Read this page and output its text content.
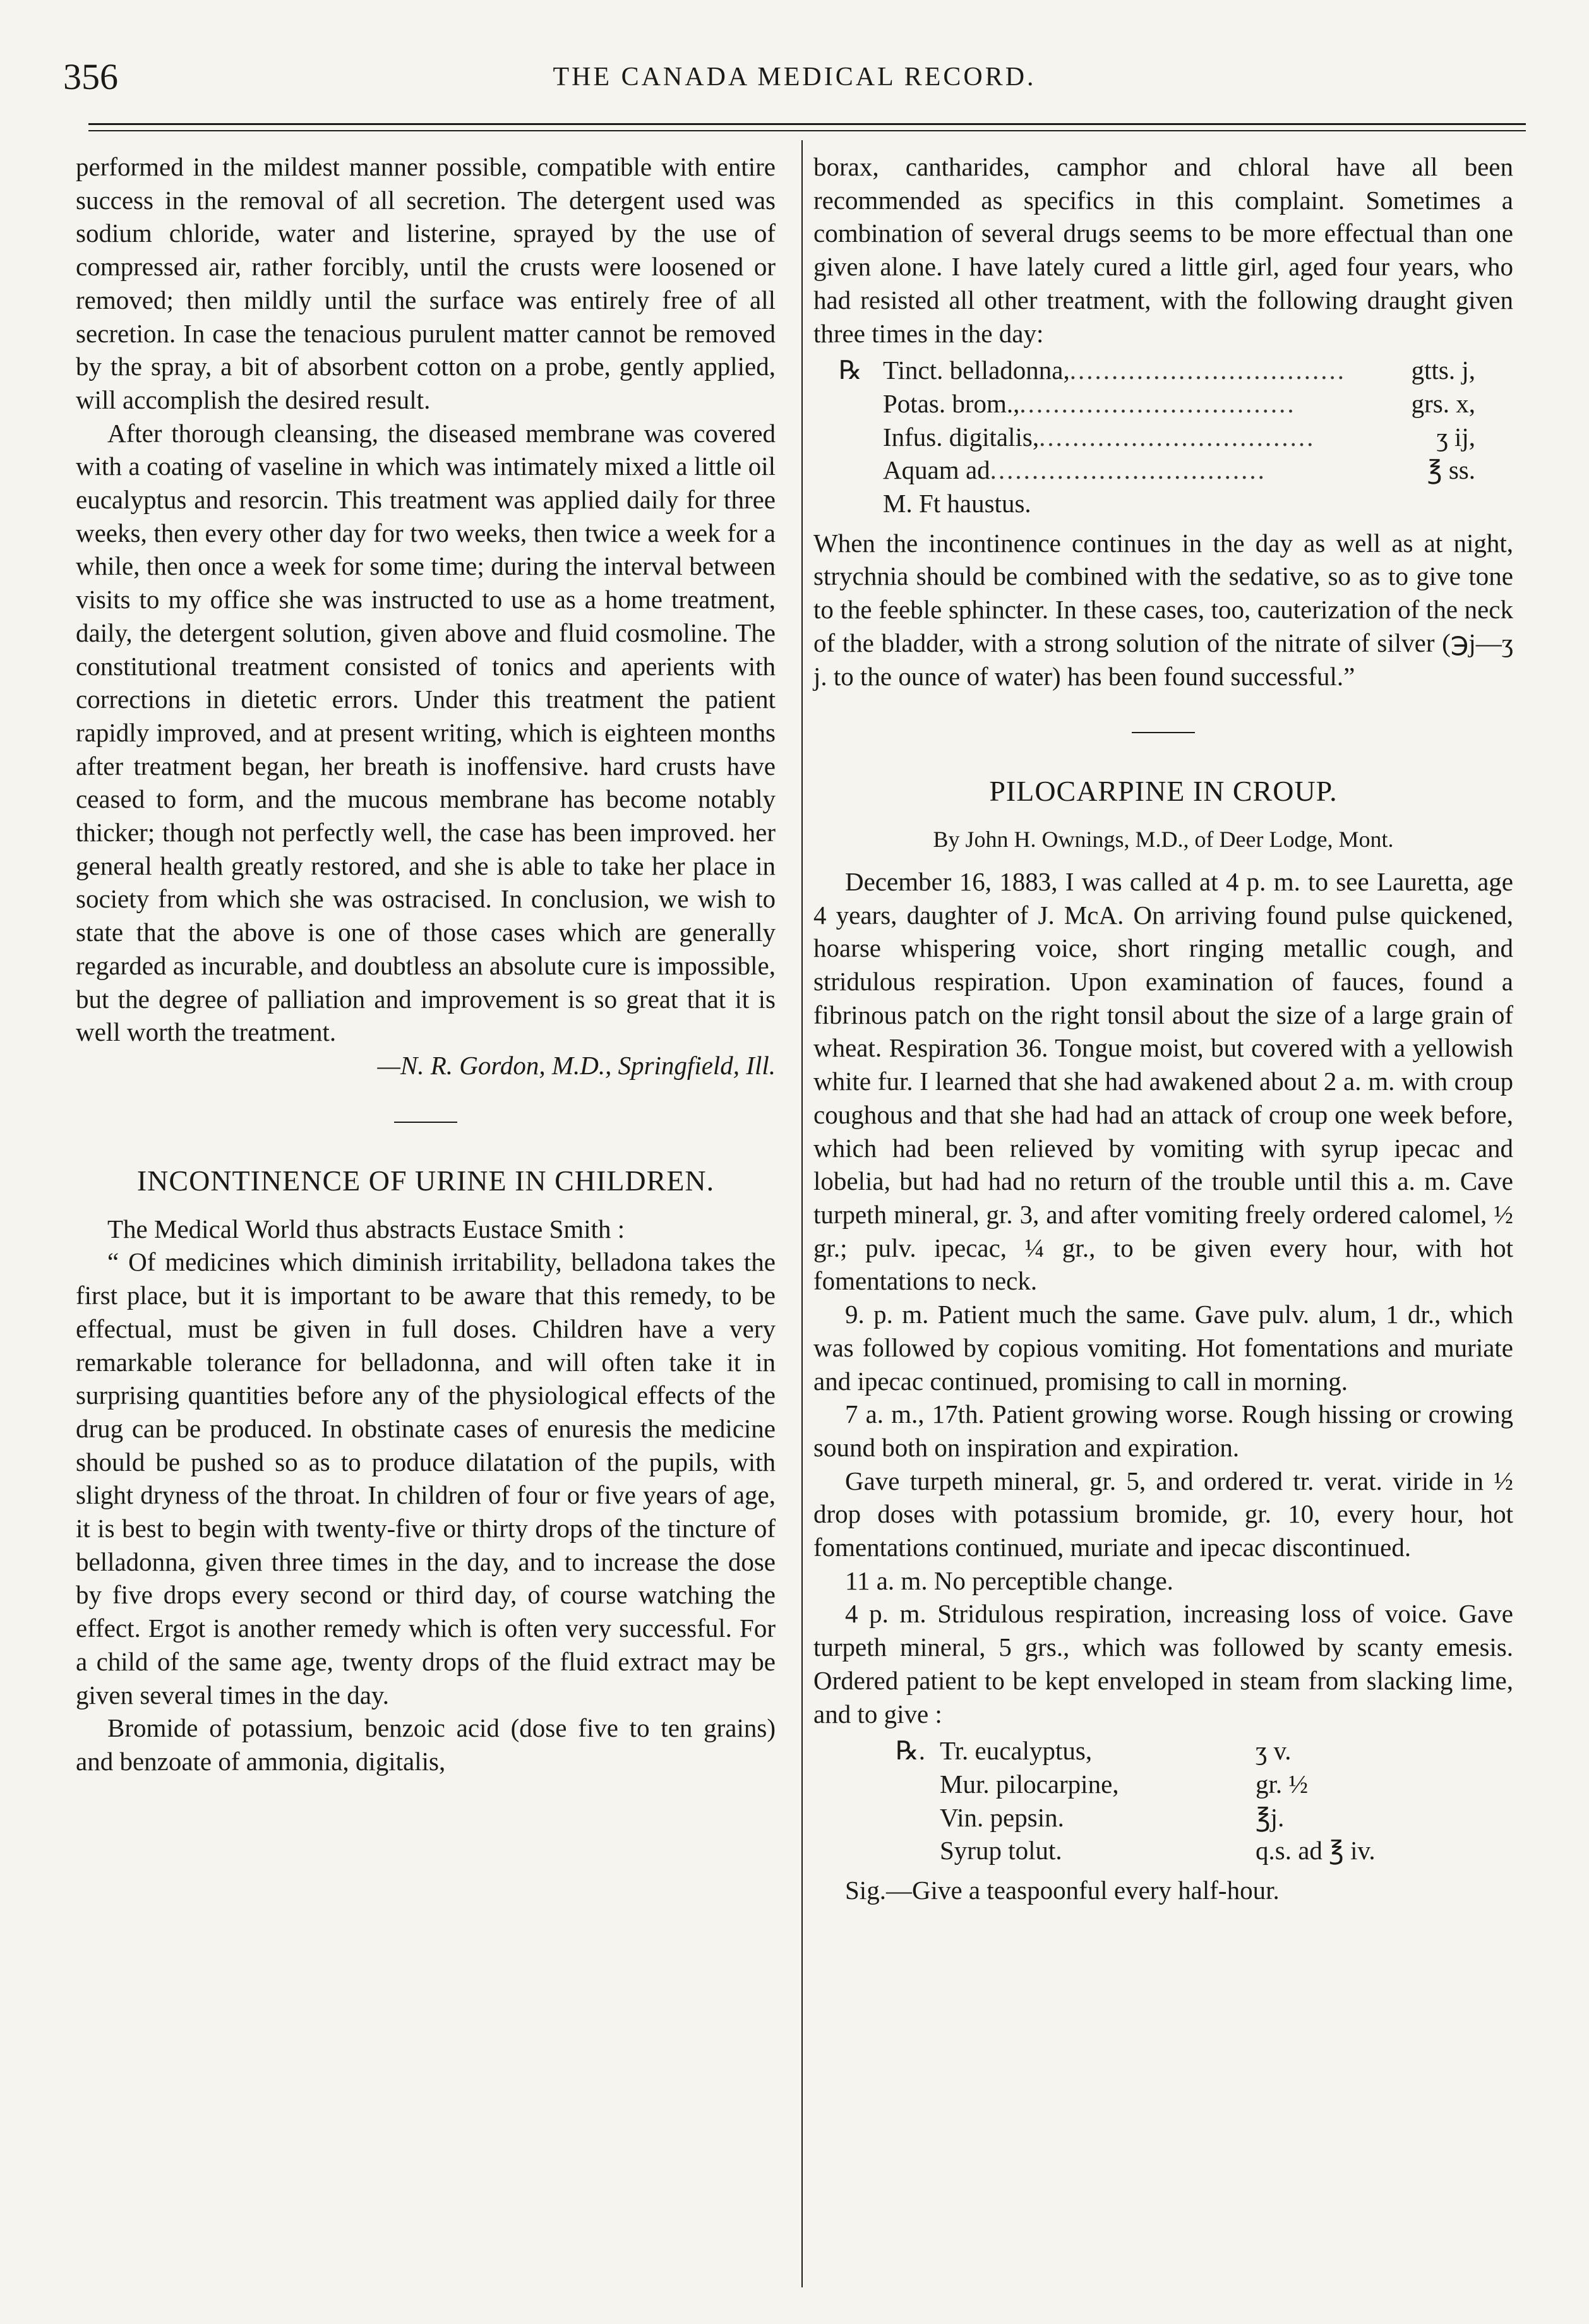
356	THE CANADA MEDICAL RECORD.

performed in the mildest manner possible, compatible with entire success in the removal of all secretion. The detergent used was sodium chloride, water and listerine, sprayed by the use of compressed air, rather forcibly, until the crusts were loosened or removed; then mildly until the surface was entirely free of all secretion. In case the tenacious purulent matter cannot be removed by the spray, a bit of absorbent cotton on a probe, gently applied, will accomplish the desired result.

After thorough cleansing, the diseased membrane was covered with a coating of vaseline in which was intimately mixed a little oil eucalyptus and resorcin. This treatment was applied daily for three weeks, then every other day for two weeks, then twice a week for a while, then once a week for some time; during the interval between visits to my office she was instructed to use as a home treatment, daily, the detergent solution, given above and fluid cosmoline. The constitutional treatment consisted of tonics and aperients with corrections in dietetic errors. Under this treatment the patient rapidly improved, and at present writing, which is eighteen months after treatment began, her breath is inoffensive. hard crusts have ceased to form, and the mucous membrane has become notably thicker; though not perfectly well, the case has been improved. her general health greatly restored, and she is able to take her place in society from which she was ostracised. In conclusion, we wish to state that the above is one of those cases which are generally regarded as incurable, and doubtless an absolute cure is impossible, but the degree of palliation and improvement is so great that it is well worth the treatment.

—N. R. Gordon, M.D., Springfield, Ill.

INCONTINENCE OF URINE IN CHILDREN.

The Medical World thus abstracts Eustace Smith :

“ Of medicines which diminish irritability, belladona takes the first place, but it is important to be aware that this remedy, to be effectual, must be given in full doses. Children have a very remarkable tolerance for belladonna, and will often take it in surprising quantities before any of the physiological effects of the drug can be produced. In obstinate cases of enuresis the medicine should be pushed so as to produce dilatation of the pupils, with slight dryness of the throat. In children of four or five years of age, it is best to begin with twenty-five or thirty drops of the tincture of belladonna, given three times in the day, and to increase the dose by five drops every second or third day, of course watching the effect. Ergot is another remedy which is often very successful. For a child of the same age, twenty drops of the fluid extract may be given several times in the day.

Bromide of potassium, benzoic acid (dose five to ten grains) and benzoate of ammonia, digitalis,

borax, cantharides, camphor and chloral have all been recommended as specifics in this complaint. Sometimes a combination of several drugs seems to be more effectual than one given alone. I have lately cured a little girl, aged four years, who had resisted all other treatment, with the following draught given three times in the day:

℞ Tinct. belladonna, .................................	gtts. j,
Potas. brom., .................................	grs. x,
Infus. digitalis, .................................	ʒ ij,
Aquam ad .................................	℥ ss.
M. Ft haustus.

When the incontinence continues in the day as well as at night, strychnia should be combined with the sedative, so as to give tone to the feeble sphincter. In these cases, too, cauterization of the neck of the bladder, with a strong solution of the nitrate of silver (℈j—ʒ j. to the ounce of water) has been found successful.”

PILOCARPINE IN CROUP.
By John H. Ownings, M.D., of Deer Lodge, Mont.

December 16, 1883, I was called at 4 p. m. to see Lauretta, age 4 years, daughter of J. McA. On arriving found pulse quickened, hoarse whispering voice, short ringing metallic cough, and stridulous respiration. Upon examination of fauces, found a fibrinous patch on the right tonsil about the size of a large grain of wheat. Respiration 36. Tongue moist, but covered with a yellowish white fur. I learned that she had awakened about 2 a. m. with croup coughous and that she had had an attack of croup one week before, which had been relieved by vomiting with syrup ipecac and lobelia, but had had no return of the trouble until this a. m. Cave turpeth mineral, gr. 3, and after vomiting freely ordered calomel, ½ gr.; pulv. ipecac, ¼ gr., to be given every hour, with hot fomentations to neck.

9. p. m. Patient much the same. Gave pulv. alum, 1 dr., which was followed by copious vomiting. Hot fomentations and muriate and ipecac continued, promising to call in morning.

7 a. m., 17th. Patient growing worse. Rough hissing or crowing sound both on inspiration and expiration.

Gave turpeth mineral, gr. 5, and ordered tr. verat. viride in ½ drop doses with potassium bromide, gr. 10, every hour, hot fomentations continued, muriate and ipecac discontinued.

11 a. m. No perceptible change.

4 p. m. Stridulous respiration, increasing loss of voice. Gave turpeth mineral, 5 grs., which was followed by scanty emesis. Ordered patient to be kept enveloped in steam from slacking lime, and to give :

℞. Tr. eucalyptus,	ʒ v.
Mur. pilocarpine,	gr. ½
Vin. pepsin.	℥j.
Syrup tolut.	q.s. ad ℥ iv.

Sig.—Give a teaspoonful every half-hour.
